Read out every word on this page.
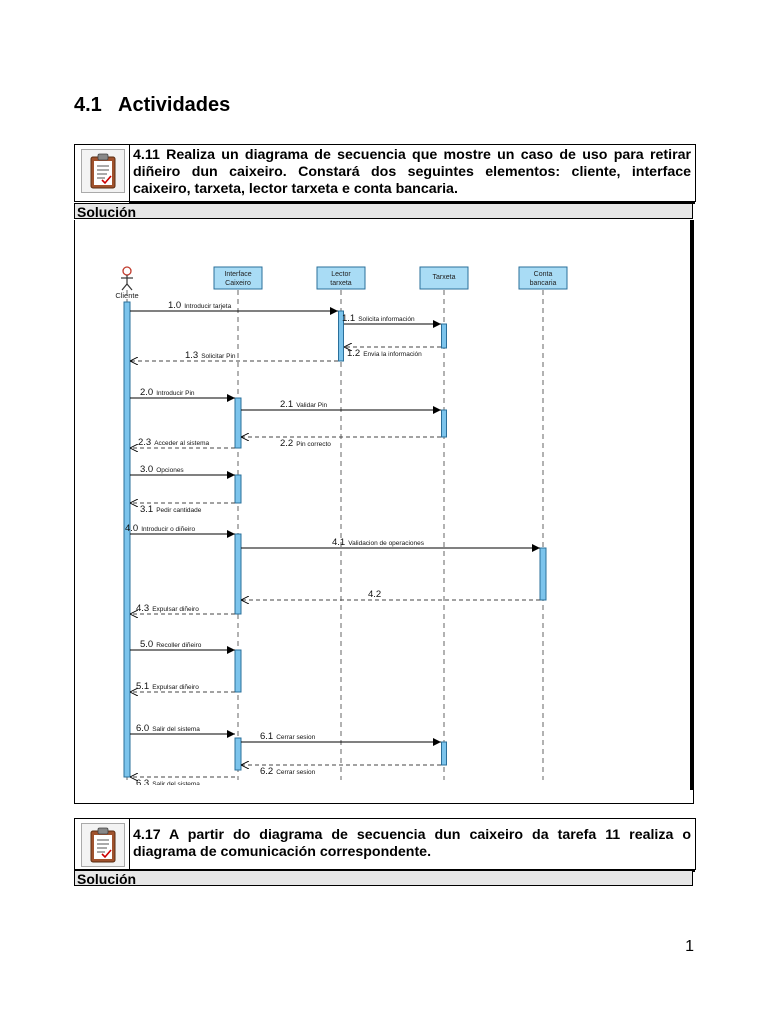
4.1 Actividades
4.11 Realiza un diagrama de secuencia que mostre un caso de uso para retirar diñeiro dun caixeiro. Constará dos seguintes elementos: cliente, interface caixeiro, tarxeta, lector tarxeta e conta bancaria.
Solución
1.0 Introducir tarjeta
1.1 Solicita información
1.2 Envia la información
1.3 Solicitar Pin
2.0 Introducir Pin
2.1 Validar Pin
2.2 Pin correcto
2.3 Acceder al sistema
3.0 Opciones
3.1 Pedir cantidade
4.0 Introducir o diñeiro
4.1 Validacion de operaciones
4.2
4.3 Expulsar diñeiro
5.0 Recoller diñeiro
5.1 Expulsar diñeiro
6.0 Salir del sistema
6.1 Cerrar sesion
6.2 Cerrar sesion
6.3 Salir del sistema
Cliente
Interface
Caixeiro
Lector
tarxeta
Tarxeta	Conta
bancaria
4.17 A partir do diagrama de secuencia dun caixeiro da tarefa 11 realiza o diagrama de comunicación correspondente.
Solución
1
